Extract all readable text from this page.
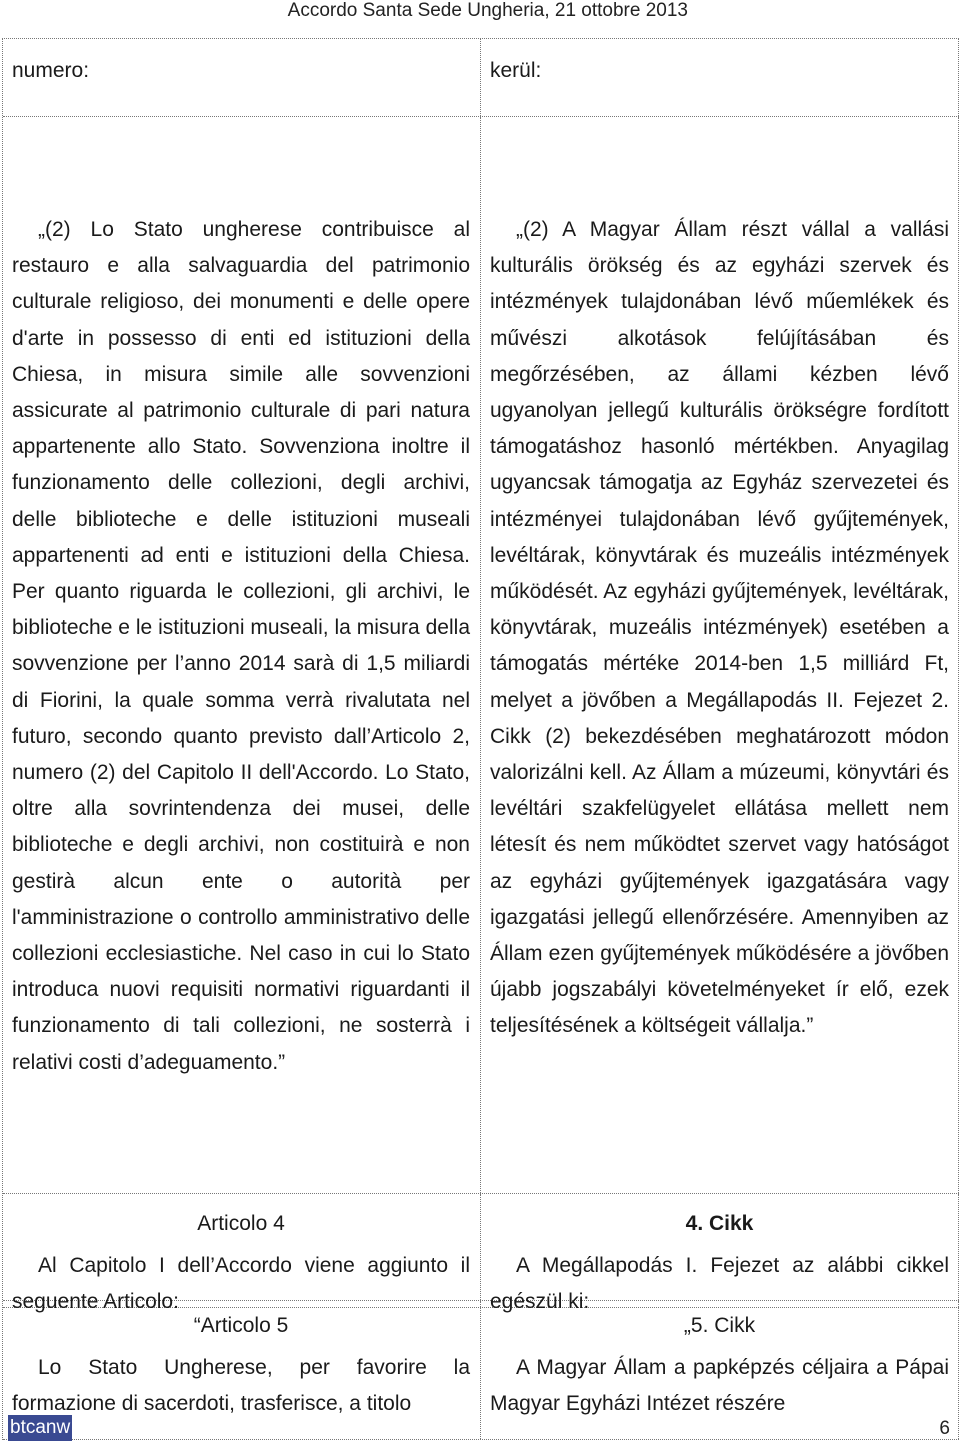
Accordo Santa Sede Ungheria, 21 ottobre 2013
numero:	kerül:

„(2) Lo Stato ungherese contribuisce al restauro e alla salvaguardia del patrimonio culturale religioso, dei monumenti e delle opere d'arte in possesso di enti ed istituzioni della Chiesa, in misura simile alle sovvenzioni assicurate al patrimonio culturale di pari natura appartenente allo Stato. Sovvenziona inoltre il funzionamento delle collezioni, degli archivi, delle biblioteche e delle istituzioni museali appartenenti ad enti e istituzioni della Chiesa. Per quanto riguarda le collezioni, gli archivi, le biblioteche e le istituzioni museali, la misura della sovvenzione per l’anno 2014 sarà di 1,5 miliardi di Fiorini, la quale somma verrà rivalutata nel futuro, secondo quanto previsto dall’Articolo 2, numero (2) del Capitolo II dell'Accordo. Lo Stato, oltre alla sovrintendenza dei musei, delle biblioteche e degli archivi, non costituirà e non gestirà alcun ente o autorità per l'amministrazione o controllo amministrativo delle collezioni ecclesiastiche. Nel caso in cui lo Stato introduca nuovi requisiti normativi riguardanti il funzionamento di tali collezioni, ne sosterrà i relativi costi d’adeguamento.”

„(2) A Magyar Állam részt vállal a vallási kulturális örökség és az egyházi szervek és intézmények tulajdonában lévő műemlékek és művészi alkotások felújításában és megőrzésében, az állami kézben lévő ugyanolyan jellegű kulturális örökségre fordított támogatáshoz hasonló mértékben. Anyagilag ugyancsak támogatja az Egyház szervezetei és intézményei tulajdonában lévő gyűjtemények, levéltárak, könyvtárak és muzeális intézmények működését. Az egyházi gyűjtemények, levéltárak, könyvtárak, muzeális intézmények) esetében a támogatás mértéke 2014-ben 1,5 milliárd Ft, melyet a jövőben a Megállapodás II. Fejezet 2. Cikk (2) bekezdésében meghatározott módon valorizálni kell. Az Állam a múzeumi, könyvtári és levéltári szakfelügyelet ellátása mellett nem létesít és nem működtet szervet vagy hatóságot az egyházi gyűjtemények igazgatására vagy igazgatási jellegű ellenőrzésére. Amennyiben az Állam ezen gyűjtemények működésére a jövőben újabb jogszabályi követelményeket ír elő, ezek teljesítésének a költségeit vállalja.”

Articolo 4

Al Capitolo I dell’Accordo viene aggiunto il seguente Articolo:

4. Cikk

A Megállapodás I. Fejezet az alábbi cikkel egészül ki:

“Articolo 5

Lo Stato Ungherese, per favorire la formazione di sacerdoti, trasferisce, a titolo

„5. Cikk

A Magyar Állam a papképzés céljaira a Pápai Magyar Egyházi Intézet részére

btcanw	6
